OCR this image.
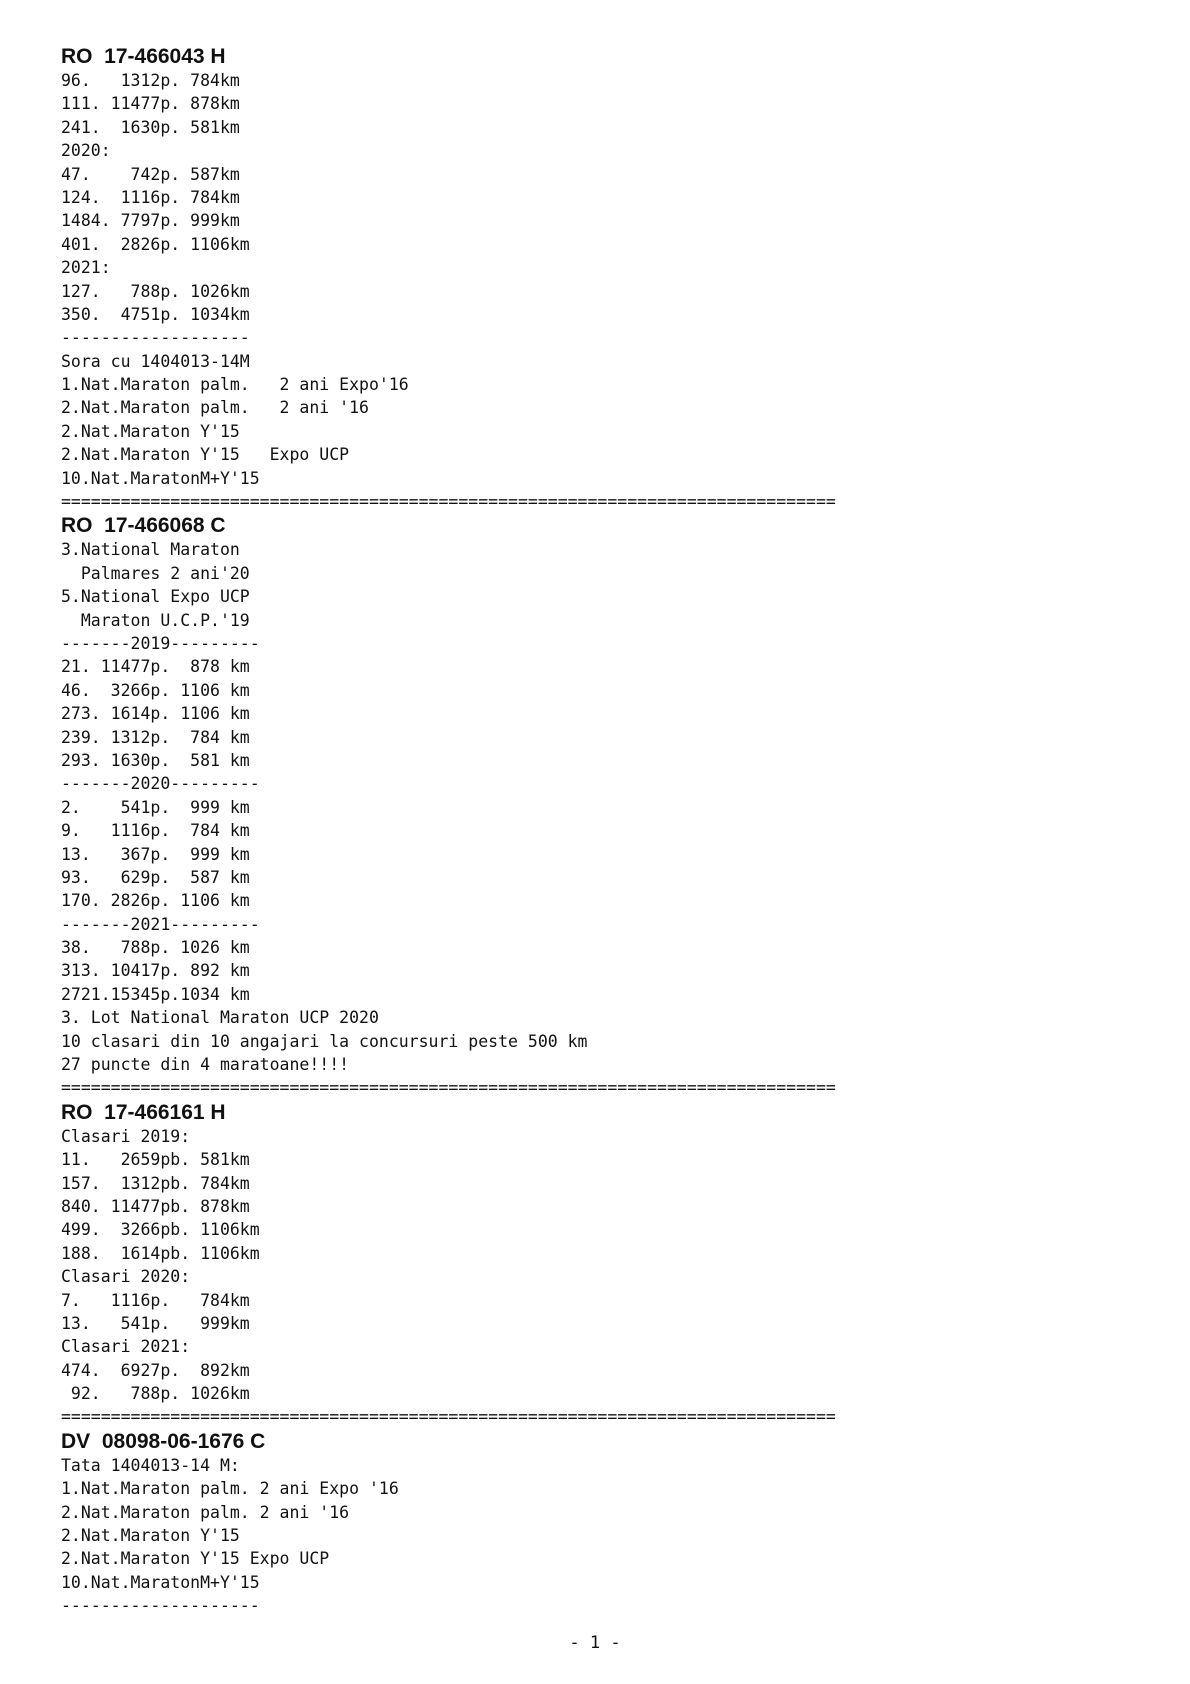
RO  17-466043 H
96.   1312p. 784km
111. 11477p. 878km
241.  1630p. 581km
2020:
47.    742p. 587km
124.  1116p. 784km
1484. 7797p. 999km
401.  2826p. 1106km
2021:
127.   788p. 1026km
350.  4751p. 1034km
-------------------
Sora cu 1404013-14M
1.Nat.Maraton palm.   2 ani Expo'16
2.Nat.Maraton palm.   2 ani '16
2.Nat.Maraton Y'15
2.Nat.Maraton Y'15   Expo UCP
10.Nat.MaratonM+Y'15
==============================================================================
RO  17-466068 C
3.National Maraton
Palmares 2 ani'20
5.National Expo UCP
Maraton U.C.P.'19
-------2019---------
21. 11477p.  878 km
46.  3266p. 1106 km
273. 1614p. 1106 km
239. 1312p.  784 km
293. 1630p.  581 km
-------2020---------
2.    541p.  999 km
9.   1116p.  784 km
13.   367p.  999 km
93.   629p.  587 km
170. 2826p. 1106 km
-------2021---------
38.   788p. 1026 km
313. 10417p. 892 km
2721.15345p.1034 km
3. Lot National Maraton UCP 2020
10 clasari din 10 angajari la concursuri peste 500 km
27 puncte din 4 maratoane!!!!
==============================================================================
RO  17-466161 H
Clasari 2019:
11.   2659pb. 581km
157.  1312pb. 784km
840. 11477pb. 878km
499.  3266pb. 1106km
188.  1614pb. 1106km
Clasari 2020:
7.   1116p.   784km
13.   541p.   999km
Clasari 2021:
474.  6927p.  892km
92.   788p. 1026km
==============================================================================
DV  08098-06-1676 C
Tata 1404013-14 M:
1.Nat.Maraton palm. 2 ani Expo '16
2.Nat.Maraton palm. 2 ani '16
2.Nat.Maraton Y'15
2.Nat.Maraton Y'15 Expo UCP
10.Nat.MaratonM+Y'15
--------------------
- 1 -
